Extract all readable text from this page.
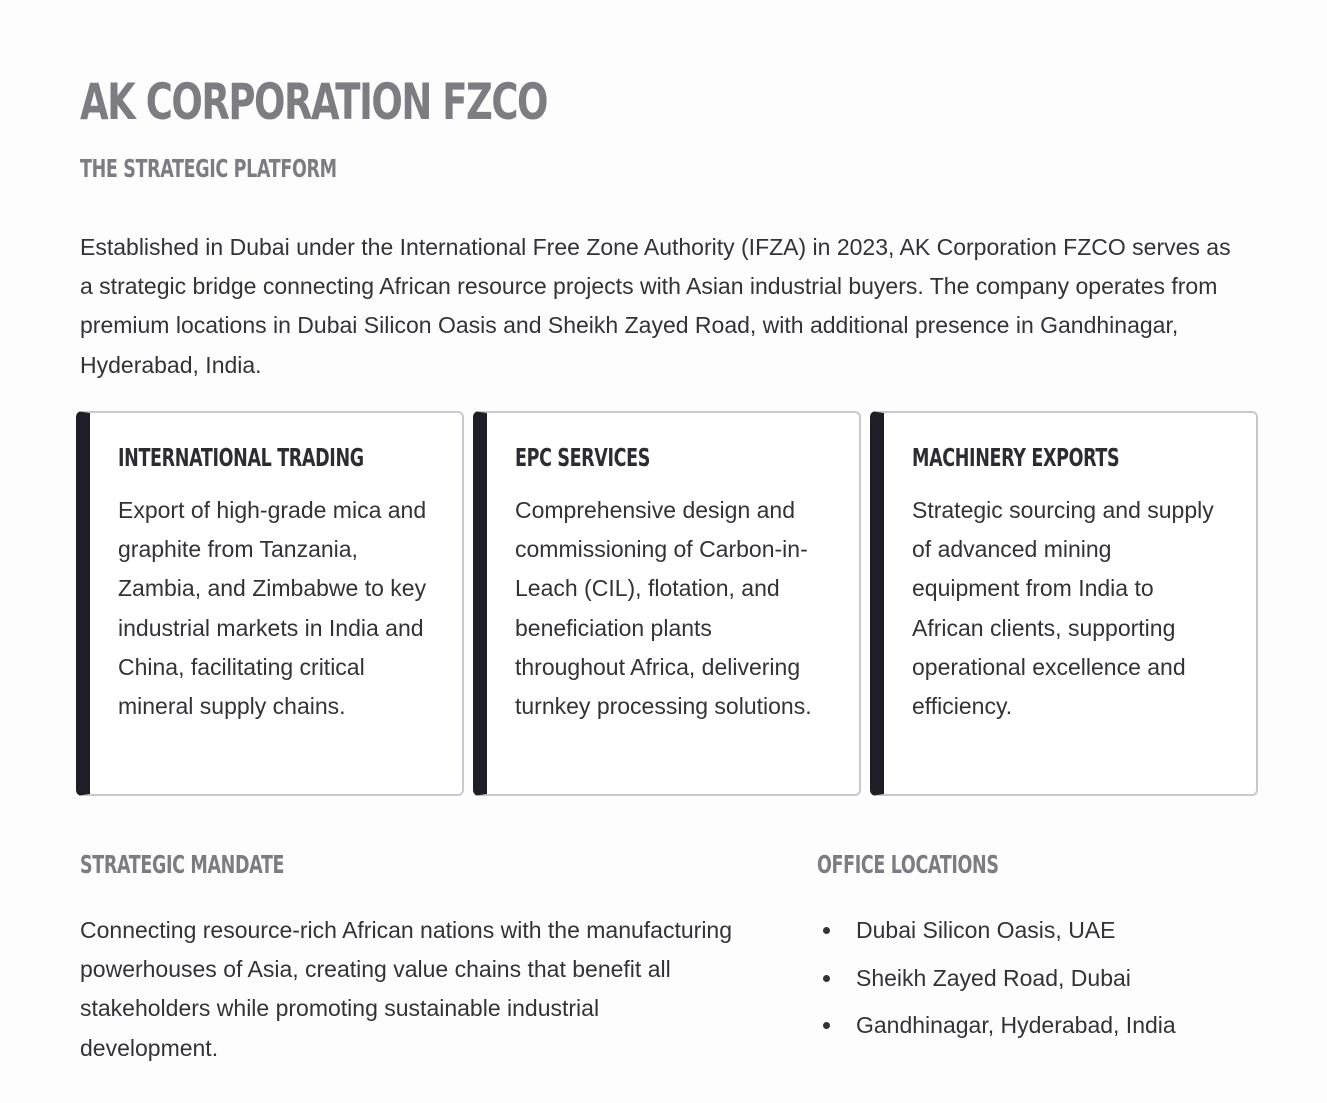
AK CORPORATION FZCO
THE STRATEGIC PLATFORM

Established in Dubai under the International Free Zone Authority (IFZA) in 2023, AK Corporation FZCO serves as a strategic bridge connecting African resource projects with Asian industrial buyers. The company operates from premium locations in Dubai Silicon Oasis and Sheikh Zayed Road, with additional presence in Gandhinagar, Hyderabad, India.

INTERNATIONAL TRADING

Export of high-grade mica and graphite from Tanzania, Zambia, and Zimbabwe to key industrial markets in India and China, facilitating critical mineral supply chains.

EPC SERVICES

Comprehensive design and commissioning of Carbon-in-Leach (CIL), flotation, and beneficiation plants throughout Africa, delivering turnkey processing solutions.

MACHINERY EXPORTS

Strategic sourcing and supply of advanced mining equipment from India to African clients, supporting operational excellence and efficiency.

STRATEGIC MANDATE

Connecting resource-rich African nations with the manufacturing powerhouses of Asia, creating value chains that benefit all stakeholders while promoting sustainable industrial development.

OFFICE LOCATIONS
Dubai Silicon Oasis, UAE
Sheikh Zayed Road, Dubai
Gandhinagar, Hyderabad, India
